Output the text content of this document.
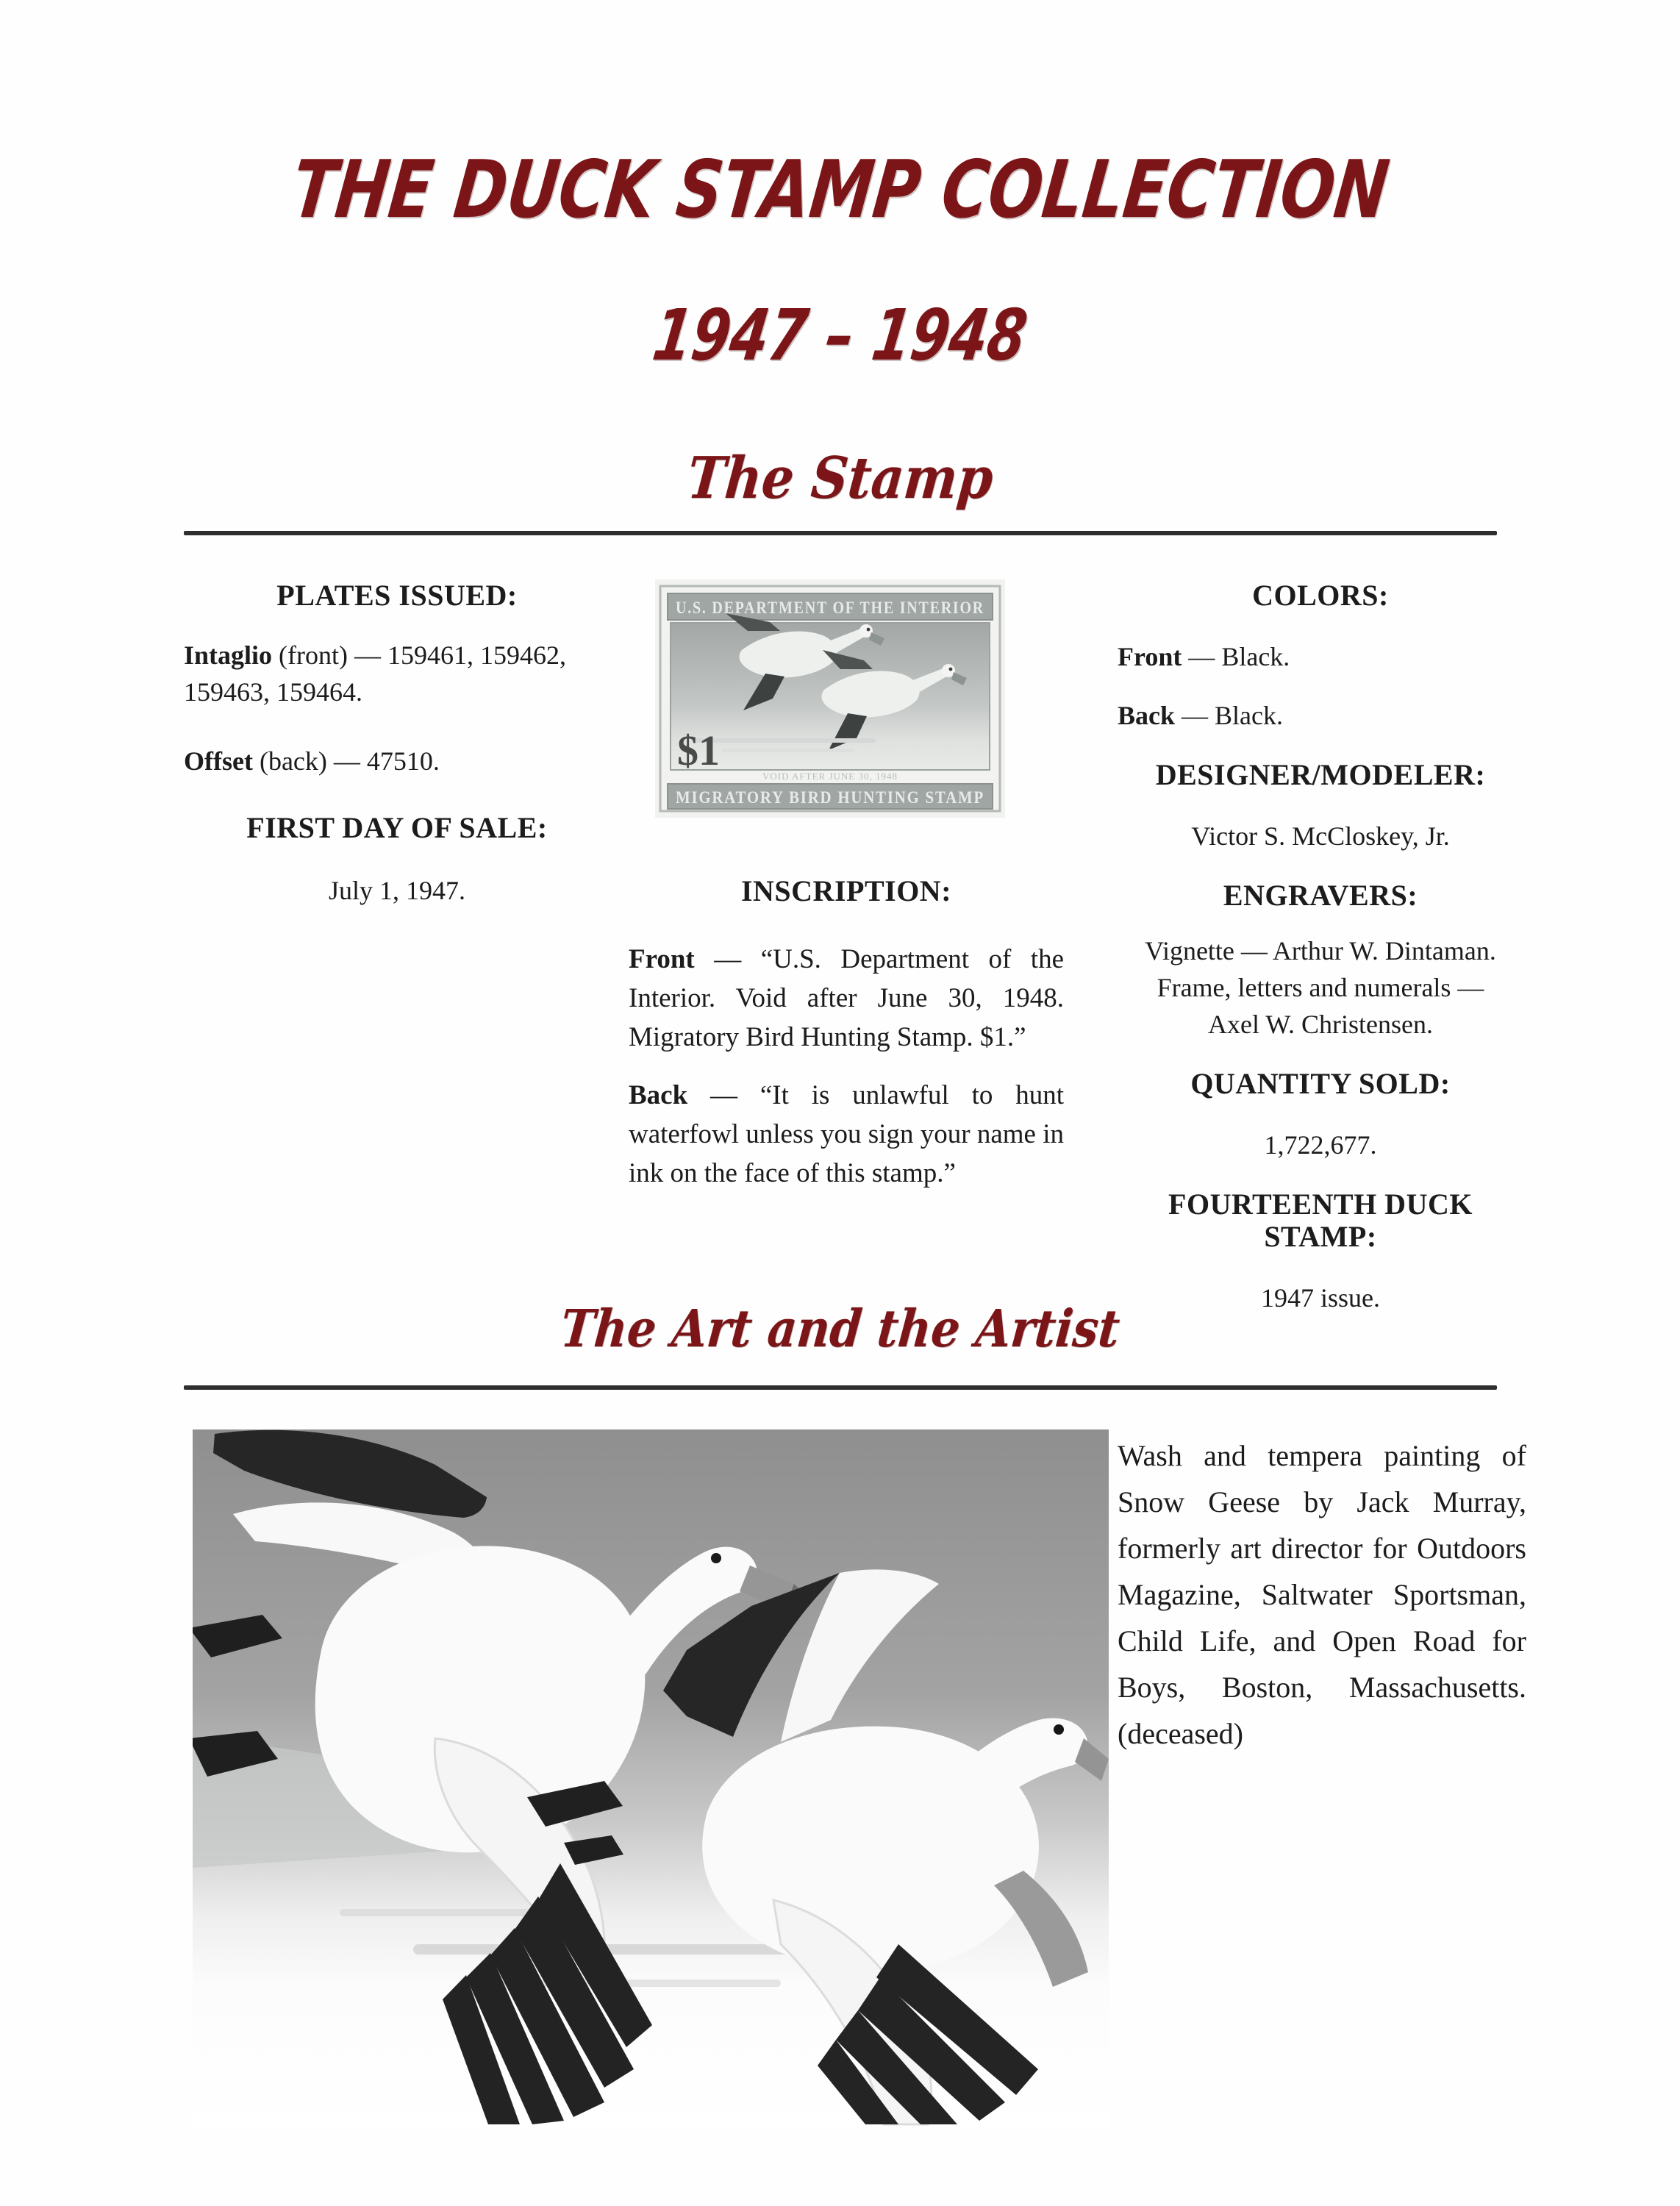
THE DUCK STAMP COLLECTION
1947 – 1948
The Stamp
PLATES ISSUED:

Intaglio (front) — 159461, 159462, 159463, 159464.

Offset (back) — 47510.

FIRST DAY OF SALE:

July 1, 1947.

U.S. DEPARTMENT OF THE INTERIOR
$1
VOID AFTER JUNE 30, 1948
MIGRATORY BIRD HUNTING STAMP
INSCRIPTION:

Front — “U.S. Department of the Interior. Void after June 30, 1948. Migratory Bird Hunting Stamp. $1.”

Back — “It is unlawful to hunt waterfowl unless you sign your name in ink on the face of this stamp.”

COLORS:

Front — Black.

Back — Black.

DESIGNER/MODELER:

Victor S. McCloskey, Jr.

ENGRAVERS:

Vignette — Arthur W. Dintaman.

Frame, letters and numerals —

Axel W. Christensen.

QUANTITY SOLD:

1,722,677.

FOURTEENTH DUCK STAMP:

1947 issue.

The Art and the Artist

Wash and tempera painting of Snow Geese by Jack Murray, formerly art director for Outdoors Magazine, Saltwater Sportsman, Child Life, and Open Road for Boys, Boston, Massachusetts. (deceased)
